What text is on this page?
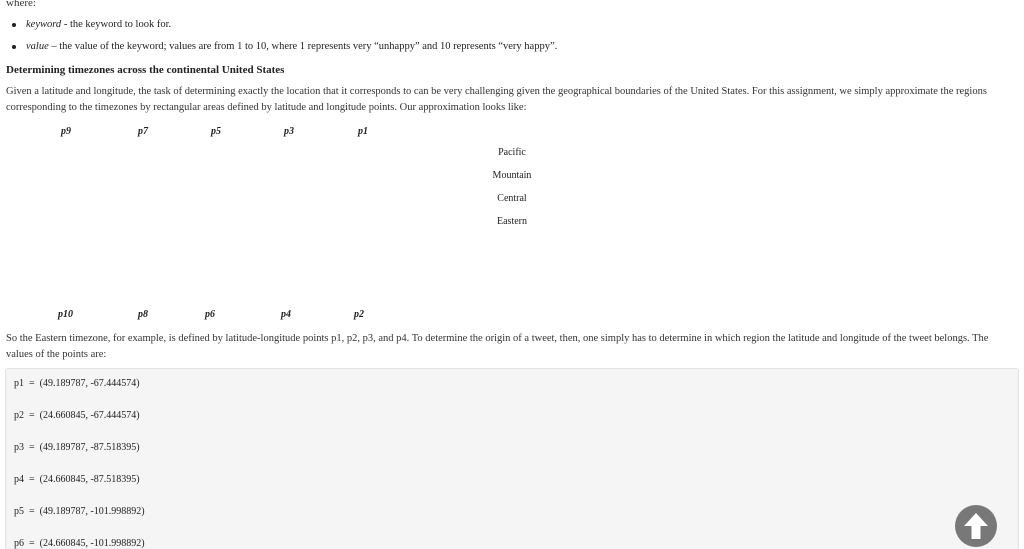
where:
keyword - the keyword to look for.
value – the value of the keyword; values are from 1 to 10, where 1 represents very “unhappy” and 10 represents “very happy”.
Determining timezones across the continental United States
Given a latitude and longitude, the task of determining exactly the location that it corresponds to can be very challenging given the geographical boundaries of the United States. For this assignment, we simply approximate the regions corresponding to the timezones by rectangular areas defined by latitude and longitude points. Our approximation looks like:
p9	p7	p5	p3	p1
Pacific
Mountain
Central
Eastern
p10	p8	p6	p4	p2
So the Eastern timezone, for example, is defined by latitude-longitude points p1, p2, p3, and p4. To determine the origin of a tweet, then, one simply has to determine in which region the latitude and longitude of the tweet belongs. The values of the points are:
p1 = (49.189787, -67.444574)
p2 = (24.660845, -67.444574)
p3 = (49.189787, -87.518395)
p4 = (24.660845, -87.518395)
p5 = (49.189787, -101.998892)
p6 = (24.660845, -101.998892)
